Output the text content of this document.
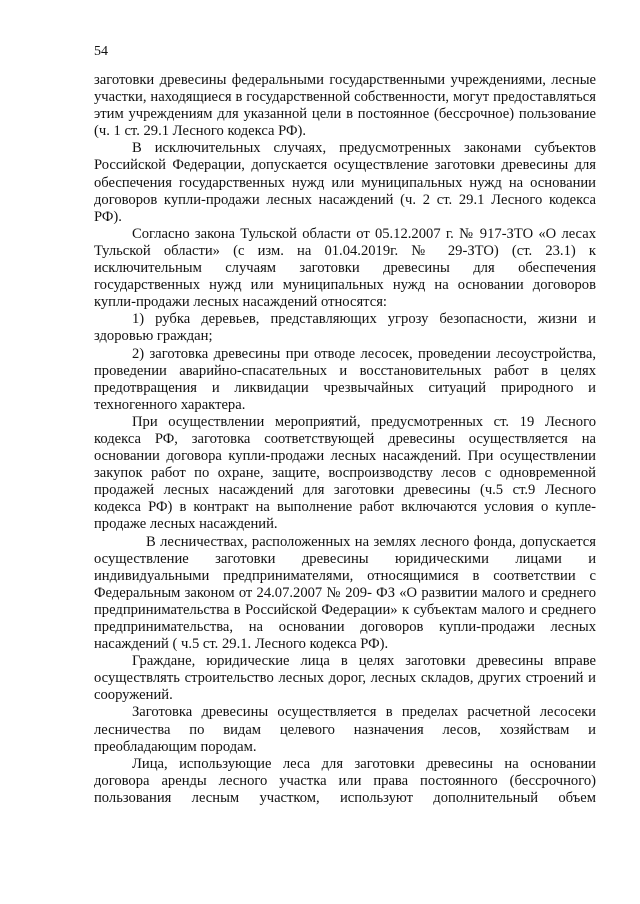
54

заготовки древесины федеральными государственными учреждениями, лесные участки, находящиеся в государственной собственности, могут предоставляться этим учреждениям для указанной цели в постоянное (бессрочное) пользование (ч. 1 ст. 29.1 Лесного кодекса РФ).

В исключительных случаях, предусмотренных законами субъектов Российской Федерации, допускается осуществление заготовки древесины для обеспечения государственных нужд или муниципальных нужд на основании договоров купли-продажи лесных насаждений (ч. 2 ст. 29.1 Лесного кодекса РФ).

Согласно закона Тульской области от 05.12.2007 г. № 917-ЗТО «О лесах Тульской области» (с изм. на 01.04.2019г. № 29-ЗТО) (ст. 23.1) к исключительным случаям заготовки древесины для обеспечения государственных нужд или муниципальных нужд на основании договоров купли-продажи лесных насаждений относятся:

1) рубка деревьев, представляющих угрозу безопасности, жизни и здоровью граждан;

2) заготовка древесины при отводе лесосек, проведении лесоустройства, проведении аварийно-спасательных и восстановительных работ в целях предотвращения и ликвидации чрезвычайных ситуаций природного и техногенного характера.

При осуществлении мероприятий, предусмотренных ст. 19 Лесного кодекса РФ, заготовка соответствующей древесины осуществляется на основании договора купли-продажи лесных насаждений. При осуществлении закупок работ по охране, защите, воспроизводству лесов с одновременной продажей лесных насаждений для заготовки древесины (ч.5 ст.9 Лесного кодекса РФ) в контракт на выполнение работ включаются условия о купле-продаже лесных насаждений.

В лесничествах, расположенных на землях лесного фонда, допускается осуществление заготовки древесины юридическими лицами и индивидуальными предпринимателями, относящимися в соответствии с Федеральным законом от 24.07.2007 № 209- ФЗ «О развитии малого и среднего предпринимательства в Российской Федерации» к субъектам малого и среднего предпринимательства, на основании договоров купли-продажи лесных насаждений ( ч.5 ст. 29.1. Лесного кодекса РФ).

Граждане, юридические лица в целях заготовки древесины вправе осуществлять строительство лесных дорог, лесных складов, других строений и сооружений.

Заготовка древесины осуществляется в пределах расчетной лесосеки лесничества по видам целевого назначения лесов, хозяйствам и преобладающим породам.

Лица, использующие леса для заготовки древесины на основании договора аренды лесного участка или права постоянного (бессрочного) пользования лесным участком, используют дополнительный объем
